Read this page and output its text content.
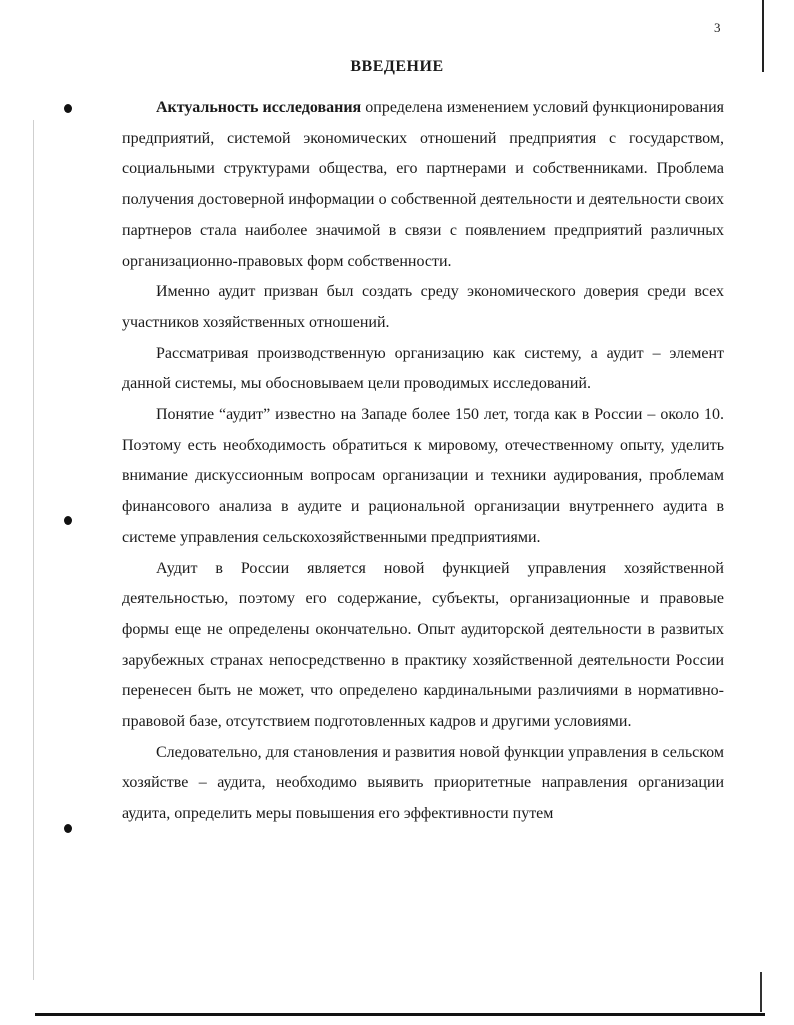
3
ВВЕДЕНИЕ

Актуальность исследования определена изменением условий функционирования предприятий, системой экономических отношений предприятия с государством, социальными структурами общества, его партнерами и собственниками. Проблема получения достоверной информации о собственной деятельности и деятельности своих партнеров стала наиболее значимой в связи с появлением предприятий различных организационно-правовых форм собственности.

Именно аудит призван был создать среду экономического доверия среди всех участников хозяйственных отношений.

Рассматривая производственную организацию как систему, а аудит – элемент данной системы, мы обосновываем цели проводимых исследований.

Понятие “аудит” известно на Западе более 150 лет, тогда как в России – около 10. Поэтому есть необходимость обратиться к мировому, отечественному опыту, уделить внимание дискуссионным вопросам организации и техники аудирования, проблемам финансового анализа в аудите и рациональной организации внутреннего аудита в системе управления сельскохозяйственными предприятиями.

Аудит в России является новой функцией управления хозяйственной деятельностью, поэтому его содержание, субъекты, организационные и правовые формы еще не определены окончательно. Опыт аудиторской деятельности в развитых зарубежных странах непосредственно в практику хозяйственной деятельности России перенесен быть не может, что определено кардинальными различиями в нормативно-правовой базе, отсутствием подготовленных кадров и другими условиями.

Следовательно, для становления и развития новой функции управления в сельском хозяйстве – аудита, необходимо выявить приоритетные направления организации аудита, определить меры повышения его эффективности путем
